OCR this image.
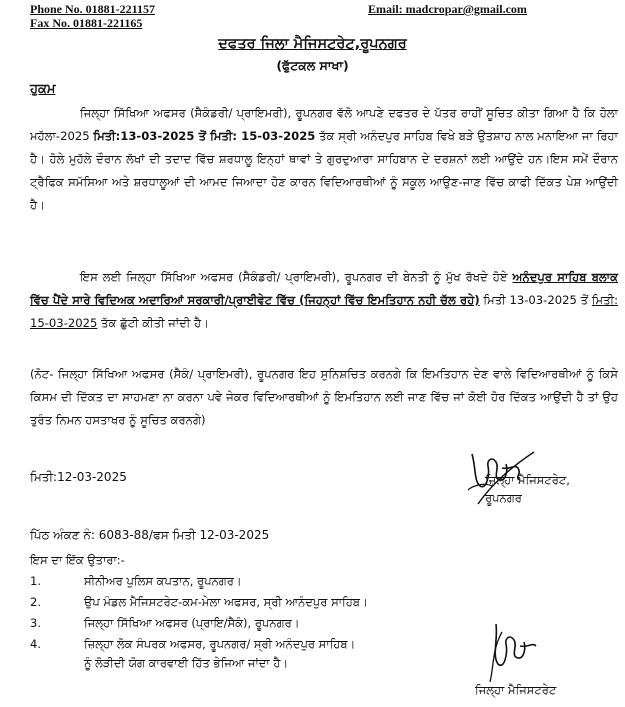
Phone No. 01881-221157
Fax No. 01881-221165
Email: madcropar@gmail.com
ਦਫਤਰ ਜਿਲਾ ਮੈਜਿਸਟਰੇਟ,ਰੂਪਨਗਰ
(ਫੁੱਟਕਲ ਸਾਖਾ)
ਹੁਕਮ
ਜਿਲ੍ਹਾ ਸਿੱਖਿਆ ਅਫਸਰ (ਸੈਕੰਡਰੀ/ ਪ੍ਰਾਇਮਰੀ), ਰੂਪਨਗਰ ਵੱਲੋ ਆਪਣੇ ਦਫਤਰ ਦੇ ਪੱਤਰ ਰਾਹੀਂ ਸੂਚਿਤ ਕੀਤਾ ਗਿਆ ਹੈ ਕਿ ਹੋਲਾ ਮਹੱਲਾ-2025 ਮਿਤੀ:13-03-2025 ਤੋਂ ਮਿਤੀ: 15-03-2025 ਤੱਕ ਸ੍ਰੀ ਅਨੰਦਪੁਰ ਸਾਹਿਬ ਵਿਖੇ ਬੜੇ ਉਤਸ਼ਾਹ ਨਾਲ ਮਨਾਇਆ ਜਾ ਰਿਹਾ ਹੈ। ਹੋਲੇ ਮੁਹੱਲੇ ਦੌਰਾਨ ਲੱਖਾਂ ਦੀ ਤਦਾਦ ਵਿੱਚ ਸ਼ਰਧਾਲੂ ਇਨ੍ਹਾਂ ਥਾਵਾਂ ਤੇ ਗੁਰਦੁਆਰਾ ਸਾਹਿਬਾਨ ਦੇ ਦਰਸ਼ਨਾਂ ਲਈ ਆਉਂਦੇ ਹਨ।ਇਸ ਸਮੇਂ ਦੌਰਾਨ ਟ੍ਰੈਫਿਕ ਸਮੱਸਿਆ ਅਤੇ ਸ਼ਰਧਾਲੂਆਂ ਦੀ ਆਮਦ ਜਿਆਦਾ ਹੋਣ ਕਾਰਨ ਵਿਦਿਆਰਥੀਆਂ ਨੂੰ ਸਕੂਲ ਆਉਣ-ਜਾਣ ਵਿੱਚ ਕਾਫੀ ਦਿੱਕਤ ਪੇਸ਼ ਆਉਂਦੀ ਹੈ।
ਇਸ ਲਈ ਜਿਲ੍ਹਾ ਸਿੱਖਿਆ ਅਫਸਰ (ਸੈਕੰਡਰੀ/ ਪ੍ਰਾਇਮਰੀ), ਰੂਪਨਗਰ ਦੀ ਬੇਨਤੀ ਨੂੰ ਮੁੱਖ ਰੱਖਦੇ ਹੋਏ ਅਨੰਦਪੁਰ ਸਾਹਿਬ ਬਲਾਕ ਵਿੱਚ ਪੈਂਦੇ ਸਾਰੇ ਵਿਦਿਅਕ ਅਦਾਰਿਆਂ ਸਰਕਾਰੀ/ਪ੍ਰਾਈਵੇਟ ਵਿੱਚ (ਜਿਹਨ੍ਹਾਂ ਵਿੱਚ ਇਮਤਿਹਾਨ ਨਹੀ ਚੱਲ ਰਹੇ) ਮਿਤੀ 13-03-2025 ਤੋਂ ਮਿਤੀ: 15-03-2025 ਤੱਕ ਛੁੱਟੀ ਕੀਤੀ ਜਾਂਦੀ ਹੈ।
(ਨੋਟ- ਜਿਲ੍ਹਾ ਸਿੱਖਿਆ ਅਫਸਰ (ਸੈਕੰ/ ਪ੍ਰਾਇਮਰੀ), ਰੂਪਨਗਰ ਇਹ ਸੁਨਿਸ਼ਚਿਤ ਕਰਨਗੇ ਕਿ ਇਮਤਿਹਾਨ ਦੇਣ ਵਾਲੇ ਵਿਦਿਆਰਥੀਆਂ ਨੂੰ ਕਿਸੇ ਕਿਸਮ ਦੀ ਦਿੱਕਤ ਦਾ ਸਾਹਮਣਾ ਨਾ ਕਰਨਾ ਪਵੇ ਜੇਕਰ ਵਿਦਿਆਰਥੀਆਂ ਨੂੰ ਇਮਤਿਹਾਨ ਲਈ ਜਾਣ ਵਿੱਚ ਜਾਂ ਕੋਈ ਹੋਰ ਦਿੱਕਤ ਆਉਂਦੀ ਹੈ ਤਾਂ ਉਹ ਤੁਰੰਤ ਨਿਮਨ ਹਸਤਾਖਰ ਨੂੰ ਸੂਚਿਤ ਕਰਨਗੇ)
ਮਿਤੀ:12-03-2025	ਜ਼ਿਲ੍ਹਾ ਮੈਜਿਸਟਰੇਟ,
ਰੂਪਨਗਰ
ਪਿੱਠ ਅੰਕਣ ਨੰ: 6083-88/ਫਸ ਮਿਤੀ 12-03-2025
ਇਸ ਦਾ ਇੱਕ ਉਤਾਰਾ:-
1.	ਸੀਨੀਅਰ ਪੁਲਿਸ ਕਪਤਾਨ, ਰੂਪਨਗਰ।
2.	ਉਪ ਮੰਡਲ ਮੈਜਿਸਟਰੇਟ-ਕਮ-ਮੇਲਾ ਅਫਸਰ, ਸ੍ਰੀ ਆਨੰਦਪੁਰ ਸਾਹਿਬ।
3.	ਜਿਲ੍ਹਾ ਸਿੱਖਿਆ ਅਫਸਰ (ਪ੍ਰਾਇ/ਸੈਕੰ), ਰੂਪਨਗਰ।
4.	ਜ਼ਿਲ੍ਹਾ ਲੋਕ ਸੰਪਰਕ ਅਫਸਰ, ਰੂਪਨਗਰ/ ਸ੍ਰੀ ਅਨੰਦਪੁਰ ਸਾਹਿਬ।
ਨੂੰ ਲੋੜੀਦੀ ਯੋਗ ਕਾਰਵਾਈ ਹਿੱਤ ਭੇਜਿਆ ਜਾਂਦਾ ਹੈ।
ਜਿਲ੍ਹਾ ਮੈਜਿਸਟਰੇਟ
